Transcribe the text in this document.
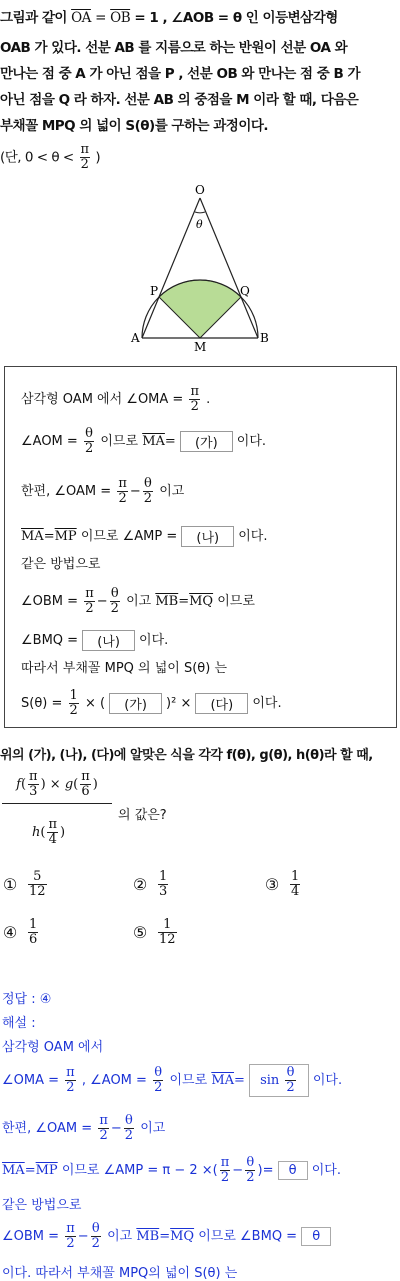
그림과 같이 $\overline{OA} = \overline{OB} = 1$ , ∠AOB = θ 인 이등변삼각형
OAB 가 있다. 선분 AB 를 지름으로 하는 반원이 선분 OA 와
만나는 점 중 A 가 아닌 점을 P , 선분 OB 와 만나는 점 중 B 가
아닌 점을 Q 라 하자. 선분 AB 의 중점을 M 이라 할 때, 다음은
부채꼴 MPQ 의 넓이 S(θ)를 구하는 과정이다.
(단, $0 < \theta < \frac{\pi}{2}$ )
O
θ
P	Q
A
M
B
삼각형 OAM 에서 ∠OMA = $\frac{\pi}{2}$ .
∠AOM = $\frac{\theta}{2}$ 이므로 $\overline{MA}=$ (가) 이다.
한편, ∠OAM = $\frac{\pi}{2} - \frac{\theta}{2}$ 이고
$\overline{MA}=\overline{MP}$ 이므로 ∠AMP = (나) 이다.
같은 방법으로
∠OBM = $\frac{\pi}{2} - \frac{\theta}{2}$ 이고 $\overline{MB}=\overline{MQ}$ 이므로
∠BMQ = (나) 이다.
따라서 부채꼴 MPQ 의 넓이 S(θ) 는
$S(\theta) = \frac{1}{2}$ × ( (가) )² × (다) 이다.
위의 (가), (나), (다)에 알맞은 식을 각각 f(θ), g(θ), h(θ)라 할 때,
$f( \frac{\pi}{3}$ ) × $g( \frac{\pi}{6}$ )
$h( \frac{\pi}{4}$ )
의 값은?
① $\frac{5}{12}$	② $\frac{1}{3}$	③ $\frac{1}{4}$
④ $\frac{1}{6}$	⑤ $\frac{1}{12}$
정답 : ④
해설 :
삼각형 OAM 에서
∠OMA = $\frac{\pi}{2}$ , ∠AOM = $\frac{\theta}{2}$ 이므로 $\overline{MA}= \sin \frac{\theta}{2}$ 이다.
한편, ∠OAM = $\frac{\pi}{2} - \frac{\theta}{2}$ 이고
$\overline{MA}=\overline{MP}$ 이므로 ∠AMP = π − 2 ×( $\frac{\pi}{2} - \frac{\theta}{2}$ )= θ 이다.
같은 방법으로
∠OBM = $\frac{\pi}{2} - \frac{\theta}{2}$ 이고 $\overline{MB}=\overline{MQ}$ 이므로 ∠BMQ = θ
이다. 따라서 부채꼴 MPQ의 넓이 S(θ) 는
